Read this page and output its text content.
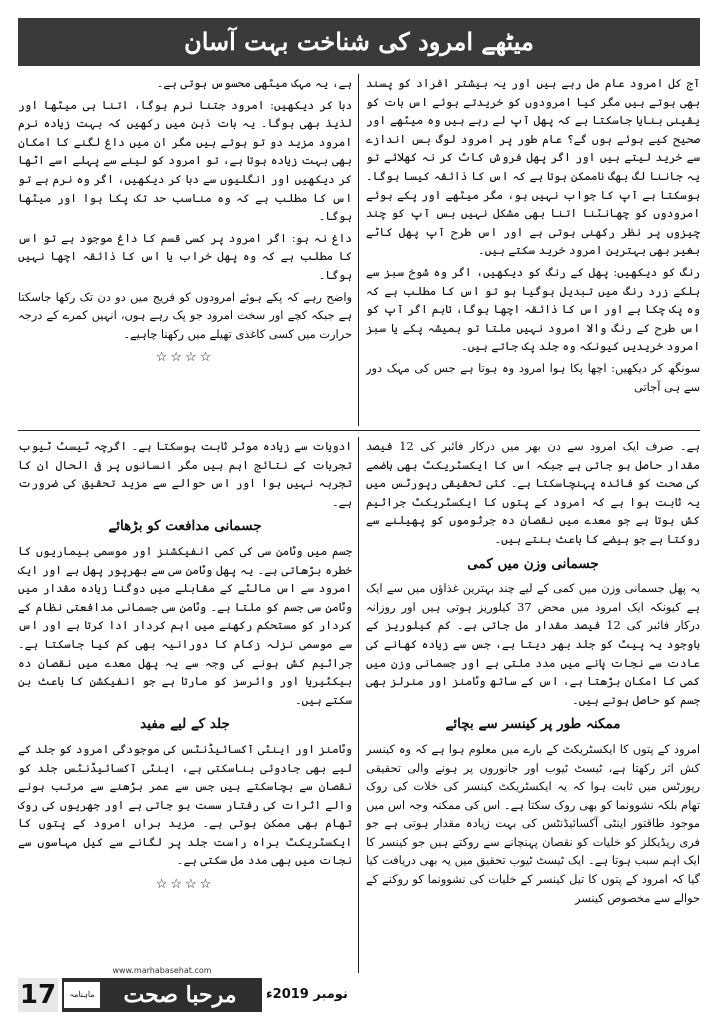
میٹھے امرود کی شناخت بہت آسان

آج کل امرود عام مل رہے ہیں اور یہ بیشتر افراد کو پسند بھی ہوتے ہیں مگر کیا امرودوں کو خریدتے ہوئے اس بات کو یقینی بنایا جاسکتا ہے کہ پھل آپ لے رہے ہیں وہ میٹھے اور صحیح کیے ہوئے ہوں گے؟ عام طور پر امرود لوگ بس اندازے سے خرید لیتے ہیں اور اگر پھل فروش کاٹ کر نہ کھلائے تو یہ جاننا لگ بھگ ناممکن ہوتا ہے کہ اس کا ذائقہ کیسا ہوگا۔ ہوسکتا ہے آپ کا جواب نہیں ہو، مگر میٹھے اور پکے ہوئے امرودوں کو چھانٽنا اتنا بھی مشکل نہیں بس آپ کو چند چیزوں پر نظر رکھنی ہوتی ہے اور اس طرح آپ پھل کاٹے بغیر بھی بہترین امرود خرید سکتے ہیں۔

رنگ کو دیکھیں: پھل کے رنگ کو دیکھیں، اگر وہ شوخ سبز سے ہلکے زرد رنگ میں تبدیل ہوگیا ہو تو اس کا مطلب ہے کہ وہ پک چکا ہے اور اس کا ذائقہ اچھا ہوگا، تاہم اگر آپ کو اس طرح کے رنگ والا امرود نہیں ملتا تو ہمیشہ پکے یا سبز امرود خریدیں کیونکہ وہ جلد پک جاتے ہیں۔

سونگھ کر دیکھیں: اچھا پکا ہوا امرود وہ ہوتا ہے جس کی مہک دور سے ہی آجاتی

ہے، یہ مہک میٹھی محسوس ہوتی ہے۔

دبا کر دیکھیں: امرود جتنا نرم ہوگا، اتنا ہی میٹھا اور لذیذ بھی ہوگا۔ یہ بات ذہن میں رکھیں کہ بہت زیادہ نرم امرود مزید دو تو ہوتے ہیں مگر ان میں داغ لگنے کا امکان بھی بہت زیادہ ہوتا ہے، تو امرود کو لینے سے پہلے اسے اٹھا کر دیکھیں اور انگلیوں سے دبا کر دیکھیں، اگر وہ نرم ہے تو اس کا مطلب ہے کہ وہ مناسب حد تک پکا ہوا اور میٹھا ہوگا۔

داغ نہ ہو: اگر امرود پر کسی قسم کا داغ موجود ہے تو اس کا مطلب ہے کہ وہ پھل خراب یا اس کا ذائقہ اچھا نہیں ہوگا۔

واضح رہے کہ پکے ہوئے امرودوں کو فریج میں دو دن تک رکھا جاسکتا ہے جبکہ کچے اور سخت امرود جو پک رہے ہوں، انہیں کمرے کے درجہ حرارت میں کسی کاغذی تھیلے میں رکھنا چاہیے۔

☆☆☆☆

ہے۔ صرف ایک امرود سے دن بھر میں درکار فائبر کی 12 فیصد مقدار حاصل ہو جاتی ہے جبکہ اس کا ایکسٹریکٹ بھی ہاضمے کی صحت کو فائدہ پہنچاسکتا ہے۔ کئی تحقیقی رپورٹس میں یہ ثابت ہوا ہے کہ امرود کے پتوں کا ایکسٹریکٹ جراثیم کش ہوتا ہے جو معدے میں نقصان دہ جرثوموں کو پھیلنے سے روکتا ہے جو ہیضے کا باعث بنتے ہیں۔

جسمانی وزن میں کمی

یہ پھل جسمانی وزن میں کمی کے لیے چند بہترین غذاؤں میں سے ایک ہے کیونکہ ایک امرود میں محض 37 کیلوریز ہوتی ہیں اور روزانہ درکار فائبر کی 12 فیصد مقدار مل جاتی ہے۔ کم کیلوریز کے باوجود یہ پیٹ کو جلد بھر دیتا ہے، جس سے زیادہ کھانے کی عادت سے نجات پانے میں مدد ملتی ہے اور جسمانی وزن میں کمی کا امکان بڑھتا ہے، اس کے ساتھ وٹامنز اور منرلز بھی جسم کو حاصل ہوتے ہیں۔

ممکنہ طور پر کینسر سے بچائے

امرود کے پتوں کا ایکسٹریکٹ کے بارے میں معلوم ہوا ہے کہ وہ کینسر کش اثر رکھتا ہے، ٹیسٹ ٹیوب اور جانوروں پر ہونے والی تحقیقی رپورٹس میں ثابت ہوا کہ یہ ایکسٹریکٹ کینسر کی خلات کی روک تھام بلکہ نشوونما کو بھی روک سکتا ہے۔ اس کی ممکنہ وجہ اس میں موجود طاقتور اینٹی آکسائیڈنٹس کی بہت زیادہ مقدار ہوتی ہے جو فری ریڈیکلز کو خلیات کو نقصان پہنچانے سے روکتے ہیں جو کینسر کا ایک اہم سبب ہوتا ہے۔ ایک ٹیسٹ ٹیوب تحقیق میں یہ بھی دریافت کیا گیا کہ امرود کے پتوں کا تیل کینسر کے خلیات کی نشوونما کو روکنے کے حوالے سے مخصوص کینسر

ادویات سے زیادہ موثر ثابت ہوسکتا ہے۔ اگرچہ ٹیسٹ ٹیوب تجربات کے نتائج اہم ہیں مگر انسانوں پر فی الحال ان کا تجربہ نہیں ہوا اور اس حوالے سے مزید تحقیق کی ضرورت ہے۔

جسمانی مدافعت کو بڑھائے

جسم میں وٹامن سی کی کمی انفیکشنز اور موسمی بیماریوں کا خطرہ بڑھاتی ہے۔ یہ پھل وٹامن سی سے بھرپور پھل ہے اور ایک امرود سے اس مالٹے کے مقابلے میں دوگنا زیادہ مقدار میں وٹامن سی جسم کو ملتا ہے۔ وٹامن سی جسمانی مدافعتی نظام کے کردار کو مستحکم رکھنے میں اہم کردار ادا کرتا ہے اور اس سے موسمی نزلہ زکام کا دورانیہ بھی کم کیا جاسکتا ہے۔ جراثیم کش ہونے کی وجہ سے یہ پھل معدے میں نقصان دہ بیکٹیریا اور وائرسز کو مارتا ہے جو انفیکشن کا باعث بن سکتے ہیں۔

جلد کے لیے مفید

وٹامنز اور اینٹی آکسائیڈنٹس کی موجودگی امرود کو جلد کے لیے بھی جادوئی بناسکتی ہے، اینٹی آکسائیڈنٹس جلد کو نقصان سے بچاسکتے ہیں جس سے عمر بڑھنے سے مرتب ہونے والے اثرات کی رفتار سست ہو جاتی ہے اور جھریوں کی روک تھام بھی ممکن ہوتی ہے۔ مزید براں امرود کے پتوں کا ایکسٹریکٹ براہ راست جلد پر لگانے سے کیل مہاسوں سے نجات میں بھی مدد مل سکتی ہے۔

☆☆☆☆
17
www.marhabasehat.com
ماہنامہ	مرحبا صحت	نومبر 2019ء
